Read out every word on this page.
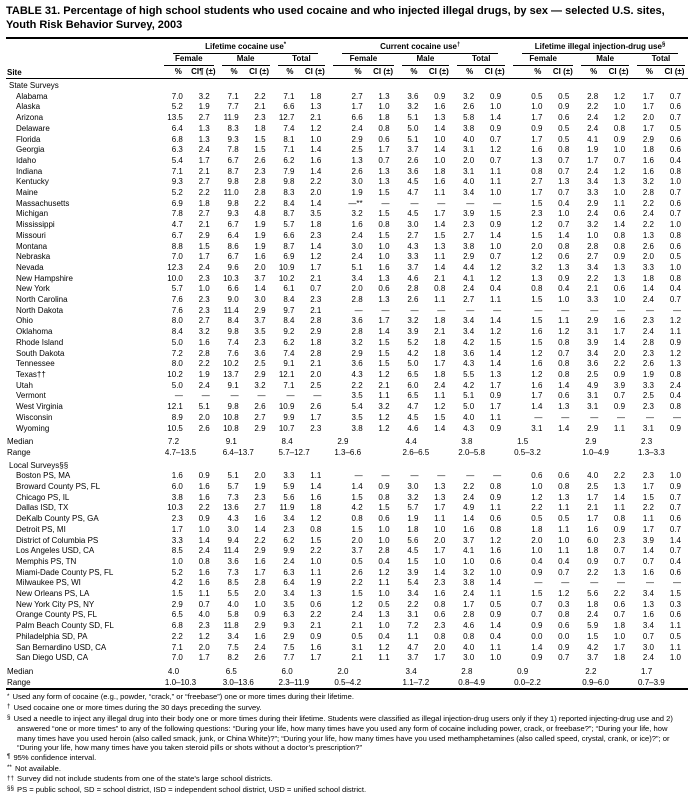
TABLE 31. Percentage of high school students who used cocaine and who injected illegal drugs, by sex — selected U.S. sites, Youth Risk Behavior Survey, 2003
Site	Lifetime cocaine use*						Current cocaine use†						Lifetime illegal injection-drug use§

	Female		Male		Total		Female		Male		Total		Female		Male		Total	

	%	CI¶ (±)	%	CI (±)	%	CI (±)	%	CI (±)	%	CI (±)	%	CI (±)	%	CI (±)	%	CI (±)	%	CI (±)
State Surveys																		
Alabama	7.0	3.2	7.1	2.2	7.1	1.8	2.7	1.3	3.6	0.9	3.2	0.9	0.5	0.5	2.8	1.2	1.7	0.7
Alaska	5.2	1.9	7.7	2.1	6.6	1.3	1.7	1.0	3.2	1.6	2.6	1.0	1.0	0.9	2.2	1.0	1.7	0.6
Arizona	13.5	2.7	11.9	2.3	12.7	2.1	6.6	1.8	5.1	1.3	5.8	1.4	1.7	0.6	2.4	1.2	2.0	0.7
Delaware	6.4	1.3	8.3	1.8	7.4	1.2	2.4	0.8	5.0	1.4	3.8	0.9	0.9	0.5	2.4	0.8	1.7	0.5
Florida	6.8	1.3	9.3	1.5	8.1	1.0	2.9	0.6	5.1	1.0	4.0	0.7	1.7	0.5	4.1	0.9	2.9	0.6
Georgia	6.3	2.4	7.8	1.5	7.1	1.4	2.5	1.7	3.7	1.4	3.1	1.2	1.6	0.8	1.9	1.0	1.8	0.6
Idaho	5.4	1.7	6.7	2.6	6.2	1.6	1.3	0.7	2.6	1.0	2.0	0.7	1.3	0.7	1.7	0.7	1.6	0.4
Indiana	7.1	2.1	8.7	2.3	7.9	1.4	2.6	1.3	3.6	1.8	3.1	1.1	0.8	0.7	2.4	1.2	1.6	0.8
Kentucky	9.3	2.7	9.8	2.8	9.8	2.2	3.0	1.3	4.5	1.6	4.0	1.1	2.7	1.3	3.4	1.3	3.2	1.0
Maine	5.2	2.2	11.0	2.8	8.3	2.0	1.9	1.5	4.7	1.1	3.4	1.0	1.7	0.7	3.3	1.0	2.8	0.7
Massachusetts	6.9	1.8	9.8	2.2	8.4	1.4	—**	—	—	—	—	—	1.5	0.4	2.9	1.1	2.2	0.6
Michigan	7.8	2.7	9.3	4.8	8.7	3.5	3.2	1.5	4.5	1.7	3.9	1.5	2.3	1.0	2.4	0.6	2.4	0.7
Mississippi	4.7	2.1	6.7	1.9	5.7	1.8	1.6	0.8	3.0	1.4	2.3	0.9	1.2	0.7	3.2	1.4	2.2	1.0
Missouri	6.7	2.9	6.4	1.9	6.6	2.3	2.4	1.5	2.7	1.5	2.7	1.4	1.5	1.4	1.0	0.8	1.3	0.8
Montana	8.8	1.5	8.6	1.9	8.7	1.4	3.0	1.0	4.3	1.3	3.8	1.0	2.0	0.8	2.8	0.8	2.6	0.6
Nebraska	7.0	1.7	6.7	1.6	6.9	1.2	2.4	1.0	3.3	1.1	2.9	0.7	1.2	0.6	2.7	0.9	2.0	0.5
Nevada	12.3	2.4	9.6	2.0	10.9	1.7	5.1	1.6	3.7	1.4	4.4	1.2	3.2	1.3	3.4	1.3	3.3	1.0
New Hampshire	10.0	2.3	10.3	3.7	10.2	2.1	3.4	1.3	4.6	2.1	4.1	1.2	1.3	0.9	2.2	1.3	1.8	0.8
New York	5.7	1.0	6.6	1.4	6.1	0.7	2.0	0.6	2.8	0.8	2.4	0.4	0.8	0.4	2.1	0.6	1.4	0.4
North Carolina	7.6	2.3	9.0	3.0	8.4	2.3	2.8	1.3	2.6	1.1	2.7	1.1	1.5	1.0	3.3	1.0	2.4	0.7
North Dakota	7.6	2.3	11.4	2.9	9.7	2.1	—	—	—	—	—	—	—	—	—	—	—	—
Ohio	8.0	2.7	8.4	3.7	8.4	2.8	3.6	1.7	3.2	1.8	3.4	1.4	1.5	1.1	2.9	1.6	2.3	1.2
Oklahoma	8.4	3.2	9.8	3.5	9.2	2.9	2.8	1.4	3.9	2.1	3.4	1.2	1.6	1.2	3.1	1.7	2.4	1.1
Rhode Island	5.0	1.6	7.4	2.3	6.2	1.8	3.2	1.5	5.2	1.8	4.2	1.5	1.5	0.8	3.9	1.4	2.8	0.9
South Dakota	7.2	2.8	7.6	3.6	7.4	2.8	2.9	1.5	4.2	1.8	3.6	1.4	1.2	0.7	3.4	2.0	2.3	1.2
Tennessee	8.0	2.2	10.2	2.5	9.1	2.1	3.6	1.5	5.0	1.7	4.3	1.4	1.6	0.8	3.6	2.2	2.6	1.3
Texas††	10.2	1.9	13.7	2.9	12.1	2.0	4.3	1.2	6.5	1.8	5.5	1.3	1.2	0.8	2.5	0.9	1.9	0.8
Utah	5.0	2.4	9.1	3.2	7.1	2.5	2.2	2.1	6.0	2.4	4.2	1.7	1.6	1.4	4.9	3.9	3.3	2.4
Vermont	—	—	—	—	—	—	3.5	1.1	6.5	1.1	5.1	0.9	1.7	0.6	3.1	0.7	2.5	0.4
West Virginia	12.1	5.1	9.8	2.6	10.9	2.6	5.4	3.2	4.7	1.2	5.0	1.7	1.4	1.3	3.1	0.9	2.3	0.8
Wisconsin	8.9	2.0	10.8	2.7	9.9	1.7	3.5	1.2	4.5	1.5	4.0	1.1	—	—	—	—	—	—
Wyoming	10.5	2.6	10.8	2.9	10.7	2.3	3.8	1.2	4.6	1.4	4.3	0.9	3.1	1.4	2.9	1.1	3.1	0.9
Median	7.2		9.1		8.4		2.9		4.4		3.8		1.5		2.9		2.3	
Range	4.7–13.5		6.4–13.7		5.7–12.7		1.3–6.6		2.6–6.5		2.0–5.8		0.5–3.2		1.0–4.9		1.3–3.3	
Local Surveys§§																		
Boston PS, MA	1.6	0.9	5.1	2.0	3.3	1.1	—	—	—	—	—	—	0.6	0.6	4.0	2.2	2.3	1.0
Broward County PS, FL	6.0	1.6	5.7	1.9	5.9	1.4	1.4	0.9	3.0	1.3	2.2	0.8	1.0	0.8	2.5	1.3	1.7	0.9
Chicago PS, IL	3.8	1.6	7.3	2.3	5.6	1.6	1.5	0.8	3.2	1.3	2.4	0.9	1.2	1.3	1.7	1.4	1.5	0.7
Dallas ISD, TX	10.3	2.2	13.6	2.7	11.9	1.8	4.2	1.5	5.7	1.7	4.9	1.1	2.2	1.1	2.1	1.1	2.2	0.7
DeKalb County PS, GA	2.3	0.9	4.3	1.6	3.4	1.2	0.8	0.6	1.9	1.1	1.4	0.6	0.5	0.5	1.7	0.8	1.1	0.6
Detroit PS, MI	1.7	1.0	3.0	1.4	2.3	0.8	1.5	1.0	1.8	1.0	1.6	0.8	1.8	1.1	1.6	0.9	1.7	0.7
District of Columbia PS	3.3	1.4	9.4	2.2	6.2	1.5	2.0	1.0	5.6	2.0	3.7	1.2	2.0	1.0	6.0	2.3	3.9	1.4
Los Angeles USD, CA	8.5	2.4	11.4	2.9	9.9	2.2	3.7	2.8	4.5	1.7	4.1	1.6	1.0	1.1	1.8	0.7	1.4	0.7
Memphis PS, TN	1.0	0.8	3.6	1.6	2.4	1.0	0.5	0.4	1.5	1.0	1.0	0.6	0.4	0.4	0.9	0.7	0.7	0.4
Miami-Dade County PS, FL	5.2	1.6	7.3	1.7	6.3	1.1	2.6	1.2	3.9	1.4	3.2	1.0	0.9	0.7	2.2	1.3	1.6	0.6
Milwaukee PS, WI	4.2	1.6	8.5	2.8	6.4	1.9	2.2	1.1	5.4	2.3	3.8	1.4	—	—	—	—	—	—
New Orleans PS, LA	1.5	1.1	5.5	2.0	3.4	1.3	1.5	1.0	3.4	1.6	2.4	1.1	1.5	1.2	5.6	2.2	3.4	1.5
New York City PS, NY	2.9	0.7	4.0	1.0	3.5	0.6	1.2	0.5	2.2	0.8	1.7	0.5	0.7	0.3	1.8	0.6	1.3	0.3
Orange County PS, FL	6.5	4.0	5.8	0.9	6.3	2.2	2.4	1.3	3.1	0.6	2.8	0.9	0.7	0.8	2.4	0.7	1.6	0.6
Palm Beach County SD, FL	6.8	2.3	11.8	2.9	9.3	2.1	2.1	1.0	7.2	2.3	4.6	1.4	0.9	0.6	5.9	1.8	3.4	1.1
Philadelphia SD, PA	2.2	1.2	3.4	1.6	2.9	0.9	0.5	0.4	1.1	0.8	0.8	0.4	0.0	0.0	1.5	1.0	0.7	0.5
San Bernardino USD, CA	7.1	2.0	7.5	2.4	7.5	1.6	3.1	1.2	4.7	2.0	4.0	1.1	1.4	0.9	4.2	1.7	3.0	1.1
San Diego USD, CA	7.0	1.7	8.2	2.6	7.7	1.7	2.1	1.1	3.7	1.7	3.0	1.0	0.9	0.7	3.7	1.8	2.4	1.0
Median	4.0		6.5		6.0		2.0		3.4		2.8		0.9		2.2		1.7	
Range	1.0–10.3		3.0–13.6		2.3–11.9		0.5–4.2		1.1–7.2		0.8–4.9		0.0–2.2		0.9–6.0		0.7–3.9	
* Used any form of cocaine (e.g., powder, “crack,” or “freebase”) one or more times during their lifetime.
† Used cocaine one or more times during the 30 days preceding the survey.
§ Used a needle to inject any illegal drug into their body one or more times during their lifetime. Students were classified as illegal injection-drug users only if they 1) reported injecting-drug use and 2) answered “one or more times” to any of the following questions: “During your life, how many times have you used any form of cocaine including power, crack, or freebase?”; “During your life, how many times have you used heroin (also called smack, junk, or China White)?”; “During your life, how many times have you used methamphetamines (also called speed, crystal, crank, or ice)?”; or “During your life, how many times have you taken steroid pills or shots without a doctor’s prescription?”
¶ 95% confidence interval.
** Not available.
†† Survey did not include students from one of the state’s large school districts.
§§ PS = public school, SD = school district, ISD = independent school district, USD = unified school district.
